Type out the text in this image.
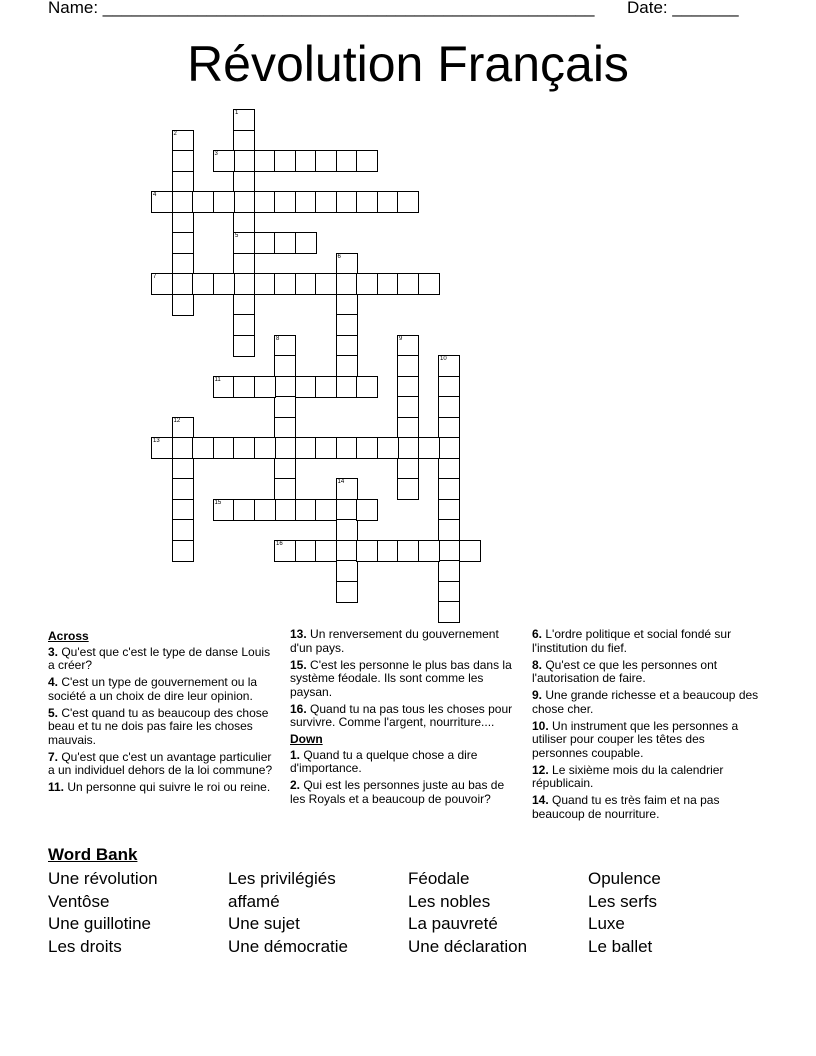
Name: ____________________________________________________ Date: _______
Révolution Français
1
5
2
3
4
6
7
8	9
10
11
12
13
14
15
16
Across
3. Qu'est que c'est le type de danse Louis a créer?
4. C'est un type de gouvernement ou la société a un choix de dire leur opinion.
5. C'est quand tu as beaucoup des chose beau et tu ne dois pas faire les choses mauvais.
7. Qu'est que c'est un avantage particulier a un individuel dehors de la loi commune?
11. Un personne qui suivre le roi ou reine.
13. Un renversement du gouvernement d'un pays.
15. C'est les personne le plus bas dans la système féodale. Ils sont comme les paysan.
16. Quand tu na pas tous les choses pour survivre. Comme l'argent, nourriture....
Down
1. Quand tu a quelque chose a dire d'importance.
2. Qui est les personnes juste au bas de les Royals et a beaucoup de pouvoir?
6. L'ordre politique et social fondé sur l'institution du fief.
8. Qu'est ce que les personnes ont l'autorisation de faire.
9. Une grande richesse et a beaucoup des chose cher.
10. Un instrument que les personnes a utiliser pour couper les têtes des personnes coupable.
12. Le sixième mois du la calendrier républicain.
14. Quand tu es très faim et na pas beaucoup de nourriture.
Word Bank
Une révolution	Les privilégiés	Féodale	Opulence
Ventôse	affamé	Les nobles	Les serfs
Une guillotine	Une sujet	La pauvreté	Luxe
Les droits	Une démocratie	Une déclaration	Le ballet
